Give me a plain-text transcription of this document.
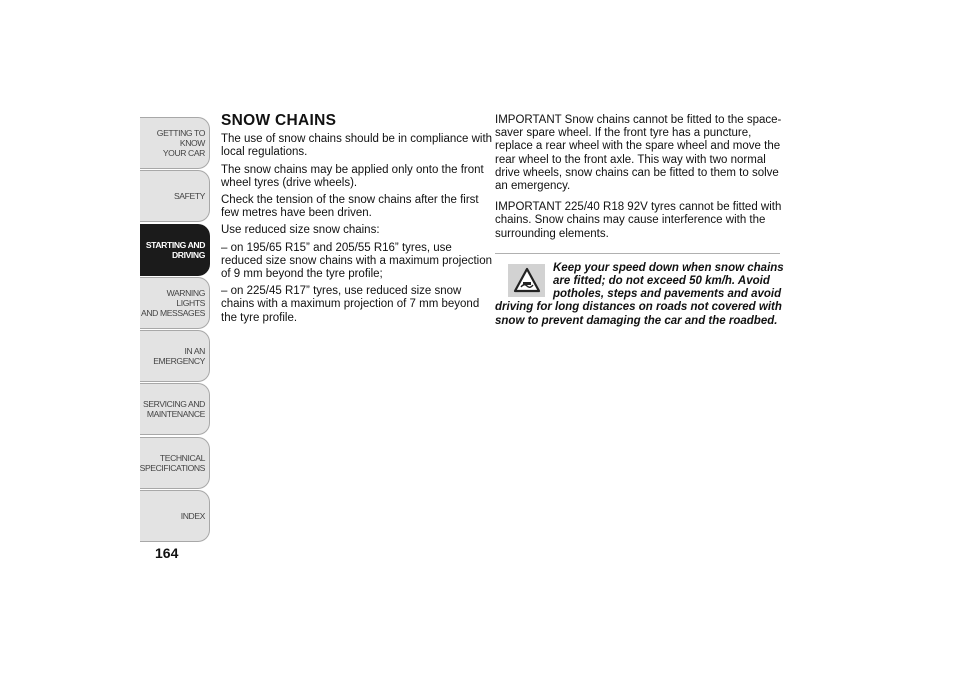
GETTING TO KNOW
YOUR CAR
SAFETY
STARTING AND
DRIVING
WARNING LIGHTS
AND MESSAGES
IN AN EMERGENCY
SERVICING AND
MAINTENANCE
TECHNICAL
SPECIFICATIONS
INDEX
164
SNOW CHAINS

The use of snow chains should be in compliance with local regulations.

The snow chains may be applied only onto the front wheel tyres (drive wheels).

Check the tension of the snow chains after the first few metres have been driven.

Use reduced size snow chains:

– on 195/65 R15” and 205/55 R16” tyres, use reduced size snow chains with a maximum projection of 9 mm beyond the tyre profile;

– on 225/45 R17” tyres, use reduced size snow chains with a maximum projection of 7 mm beyond the tyre profile.

IMPORTANT Snow chains cannot be fitted to the space-saver spare wheel. If the front tyre has a puncture, replace a rear wheel with the spare wheel and move the rear wheel to the front axle. This way with two normal drive wheels, snow chains can be fitted to them to solve an emergency.

IMPORTANT 225/40 R18 92V tyres cannot be fitted with chains. Snow chains may cause interference with the surrounding elements.

Keep your speed down when snow chains are fitted; do not exceed 50 km/h. Avoid potholes, steps and pavements and avoid driving for long distances on roads not covered with snow to prevent damaging the car and the roadbed.
